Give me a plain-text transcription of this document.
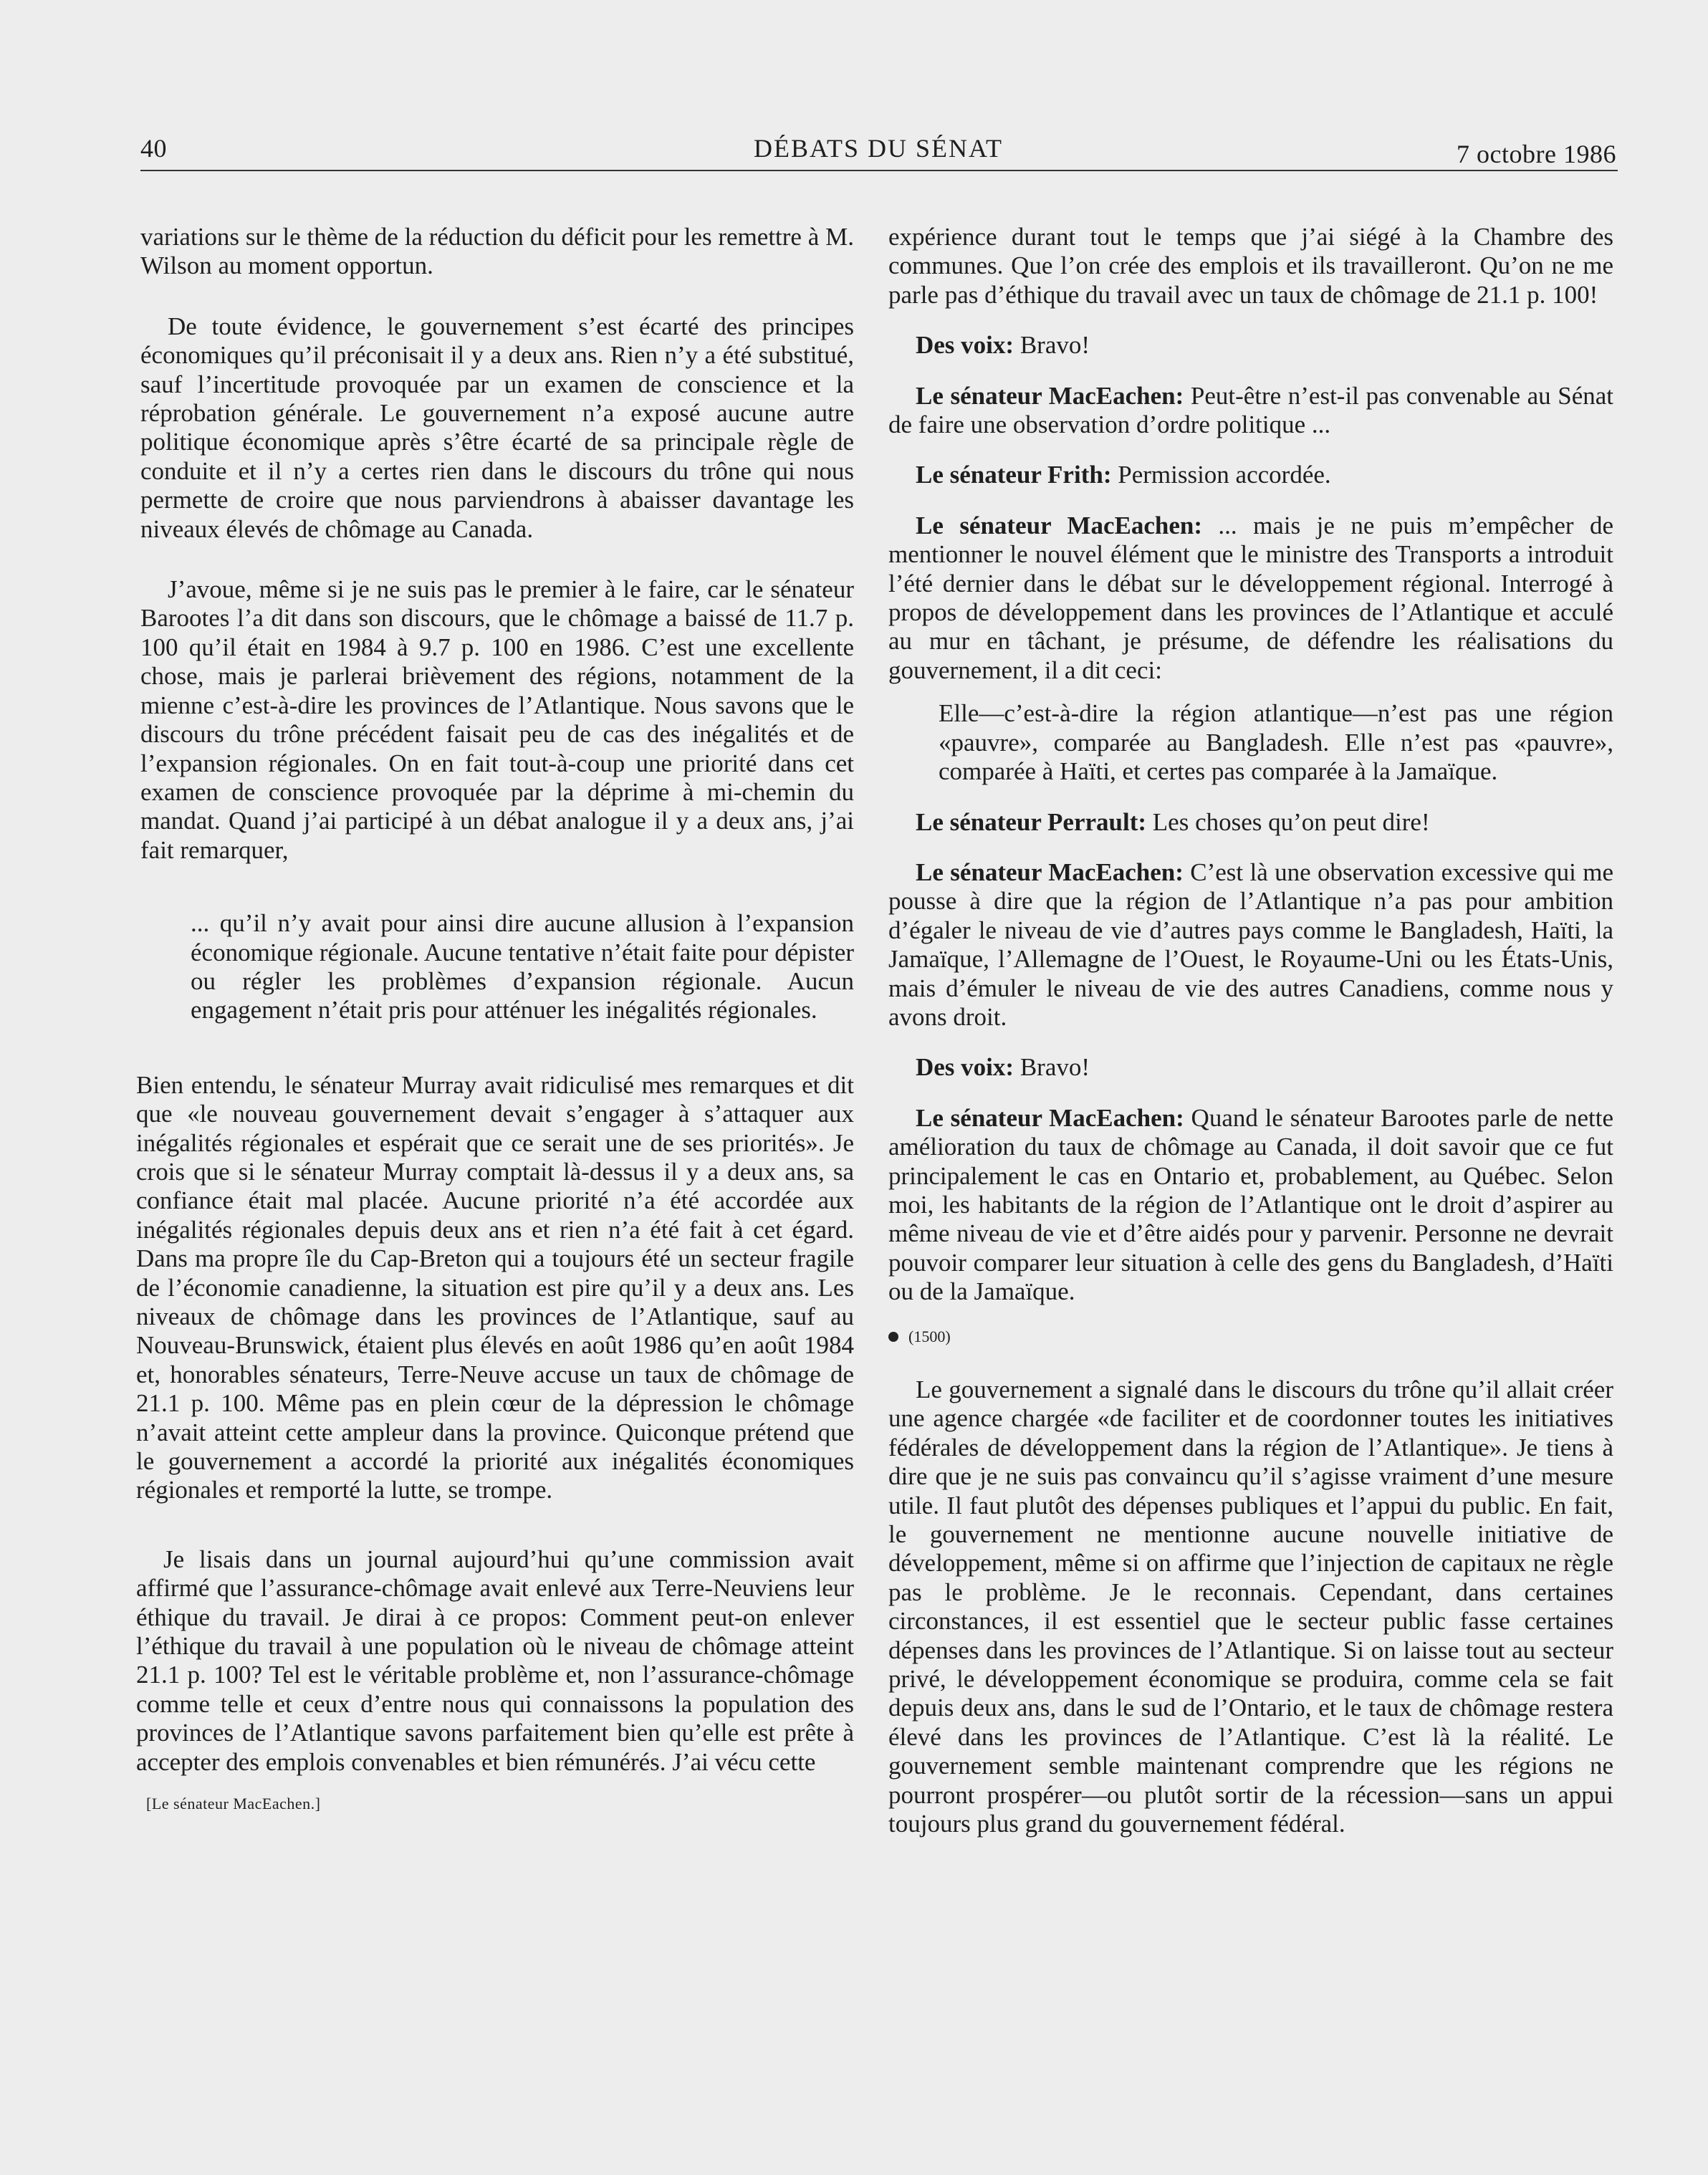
40	DÉBATS DU SÉNAT	7 octobre 1986

variations sur le thème de la réduction du déficit pour les remettre à M. Wilson au moment opportun.

De toute évidence, le gouvernement s’est écarté des principes économiques qu’il préconisait il y a deux ans. Rien n’y a été substitué, sauf l’incertitude provoquée par un examen de conscience et la réprobation générale. Le gouvernement n’a exposé aucune autre politique économique après s’être écarté de sa principale règle de conduite et il n’y a certes rien dans le discours du trône qui nous permette de croire que nous parviendrons à abaisser davantage les niveaux élevés de chômage au Canada.

J’avoue, même si je ne suis pas le premier à le faire, car le sénateur Barootes l’a dit dans son discours, que le chômage a baissé de 11.7 p. 100 qu’il était en 1984 à 9.7 p. 100 en 1986. C’est une excellente chose, mais je parlerai brièvement des régions, notamment de la mienne c’est-à-dire les provinces de l’Atlantique. Nous savons que le discours du trône précédent faisait peu de cas des inégalités et de l’expansion régionales. On en fait tout-à-coup une priorité dans cet examen de conscience provoquée par la déprime à mi-chemin du mandat. Quand j’ai participé à un débat analogue il y a deux ans, j’ai fait remarquer,

... qu’il n’y avait pour ainsi dire aucune allusion à l’expansion économique régionale. Aucune tentative n’était faite pour dépister ou régler les problèmes d’expansion régionale. Aucun engagement n’était pris pour atténuer les inégalités régionales.

Bien entendu, le sénateur Murray avait ridiculisé mes remarques et dit que «le nouveau gouvernement devait s’engager à s’attaquer aux inégalités régionales et espérait que ce serait une de ses priorités». Je crois que si le sénateur Murray comptait là-dessus il y a deux ans, sa confiance était mal placée. Aucune priorité n’a été accordée aux inégalités régionales depuis deux ans et rien n’a été fait à cet égard. Dans ma propre île du Cap-Breton qui a toujours été un secteur fragile de l’économie canadienne, la situation est pire qu’il y a deux ans. Les niveaux de chômage dans les provinces de l’Atlantique, sauf au Nouveau-Brunswick, étaient plus élevés en août 1986 qu’en août 1984 et, honorables sénateurs, Terre-Neuve accuse un taux de chômage de 21.1 p. 100. Même pas en plein cœur de la dépression le chômage n’avait atteint cette ampleur dans la province. Quiconque prétend que le gouvernement a accordé la priorité aux inégalités économiques régionales et remporté la lutte, se trompe.

Je lisais dans un journal aujourd’hui qu’une commission avait affirmé que l’assurance-chômage avait enlevé aux Terre-Neuviens leur éthique du travail. Je dirai à ce propos: Comment peut-on enlever l’éthique du travail à une population où le niveau de chômage atteint 21.1 p. 100? Tel est le véritable problème et, non l’assurance-chômage comme telle et ceux d’entre nous qui connaissons la population des provinces de l’Atlantique savons parfaitement bien qu’elle est prête à accepter des emplois convenables et bien rémunérés. J’ai vécu cette

[Le sénateur MacEachen.]

expérience durant tout le temps que j’ai siégé à la Chambre des communes. Que l’on crée des emplois et ils travailleront. Qu’on ne me parle pas d’éthique du travail avec un taux de chômage de 21.1 p. 100!

Des voix: Bravo!

Le sénateur MacEachen: Peut-être n’est-il pas convenable au Sénat de faire une observation d’ordre politique ...

Le sénateur Frith: Permission accordée.

Le sénateur MacEachen: ... mais je ne puis m’empêcher de mentionner le nouvel élément que le ministre des Transports a introduit l’été dernier dans le débat sur le développement régional. Interrogé à propos de développement dans les provinces de l’Atlantique et acculé au mur en tâchant, je présume, de défendre les réalisations du gouvernement, il a dit ceci:

Elle—c’est-à-dire la région atlantique—n’est pas une région «pauvre», comparée au Bangladesh. Elle n’est pas «pauvre», comparée à Haïti, et certes pas comparée à la Jamaïque.

Le sénateur Perrault: Les choses qu’on peut dire!

Le sénateur MacEachen: C’est là une observation excessive qui me pousse à dire que la région de l’Atlantique n’a pas pour ambition d’égaler le niveau de vie d’autres pays comme le Bangladesh, Haïti, la Jamaïque, l’Allemagne de l’Ouest, le Royaume-Uni ou les États-Unis, mais d’émuler le niveau de vie des autres Canadiens, comme nous y avons droit.

Des voix: Bravo!

Le sénateur MacEachen: Quand le sénateur Barootes parle de nette amélioration du taux de chômage au Canada, il doit savoir que ce fut principalement le cas en Ontario et, probablement, au Québec. Selon moi, les habitants de la région de l’Atlantique ont le droit d’aspirer au même niveau de vie et d’être aidés pour y parvenir. Personne ne devrait pouvoir comparer leur situation à celle des gens du Bangladesh, d’Haïti ou de la Jamaïque.

(1500)

Le gouvernement a signalé dans le discours du trône qu’il allait créer une agence chargée «de faciliter et de coordonner toutes les initiatives fédérales de développement dans la région de l’Atlantique». Je tiens à dire que je ne suis pas convaincu qu’il s’agisse vraiment d’une mesure utile. Il faut plutôt des dépenses publiques et l’appui du public. En fait, le gouvernement ne mentionne aucune nouvelle initiative de développement, même si on affirme que l’injection de capitaux ne règle pas le problème. Je le reconnais. Cependant, dans certaines circonstances, il est essentiel que le secteur public fasse certaines dépenses dans les provinces de l’Atlantique. Si on laisse tout au secteur privé, le développement économique se produira, comme cela se fait depuis deux ans, dans le sud de l’Ontario, et le taux de chômage restera élevé dans les provinces de l’Atlantique. C’est là la réalité. Le gouvernement semble maintenant comprendre que les régions ne pourront prospérer—ou plutôt sortir de la récession—sans un appui toujours plus grand du gouvernement fédéral.
